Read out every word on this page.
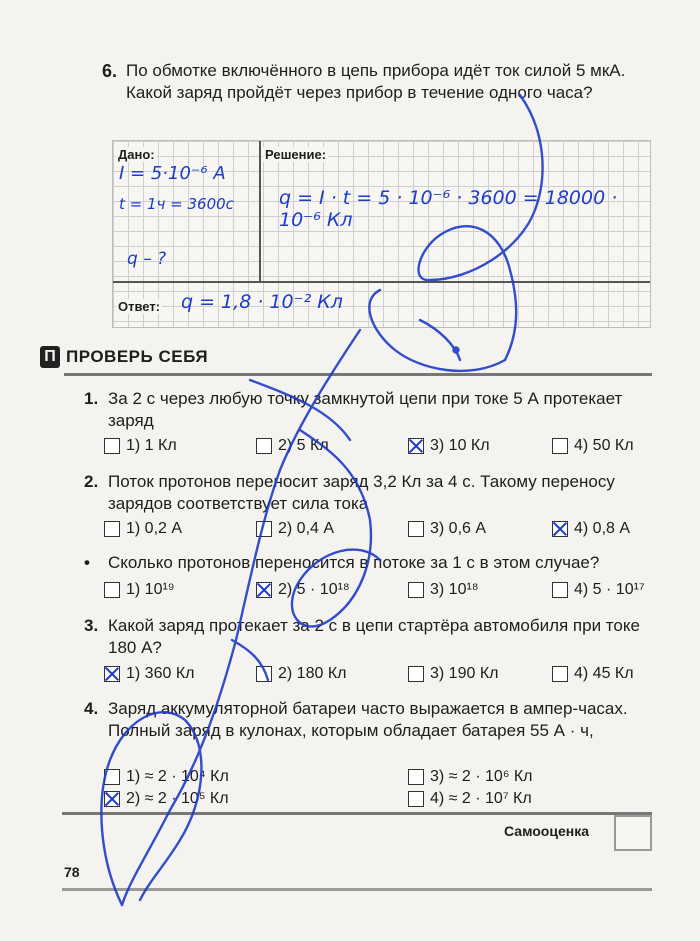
6. По обмотке включённого в цепь прибора идёт ток силой 5 мкА. Какой заряд пройдёт через прибор в течение одного часа?
Дано:	Решение:
Ответ:
I = 5·10⁻⁶ A
t = 1ч = 3600с
q – ?
q = I · t = 5 · 10⁻⁶ · 3600 = 18000 · 10⁻⁶ Кл
q = 1,8 · 10⁻² Кл
П ПРОВЕРЬ СЕБЯ
1. За 2 с через любую точку замкнутой цепи при токе 5 А протекает заряд
1) 1 Кл	2) 5 Кл	3) 10 Кл	4) 50 Кл
2. Поток протонов переносит заряд 3,2 Кл за 4 с. Такому переносу зарядов соответствует сила тока
1) 0,2 А	2) 0,4 А	3) 0,6 А	4) 0,8 А
• Сколько протонов переносится в потоке за 1 с в этом случае?
1) 10¹⁹	2) 5 · 10¹⁸	3) 10¹⁸	4) 5 · 10¹⁷
3. Какой заряд протекает за 2 с в цепи стартёра автомобиля при токе 180 А?
1) 360 Кл	2) 180 Кл	3) 190 Кл	4) 45 Кл
4. Заряд аккумуляторной батареи часто выражается в ампер-часах. Полный заряд в кулонах, которым обладает батарея 55 А · ч,
1) ≈ 2 · 10⁴ Кл
2) ≈ 2 · 10⁵ Кл
3) ≈ 2 · 10⁶ Кл
4) ≈ 2 · 10⁷ Кл
Самооценка
78
